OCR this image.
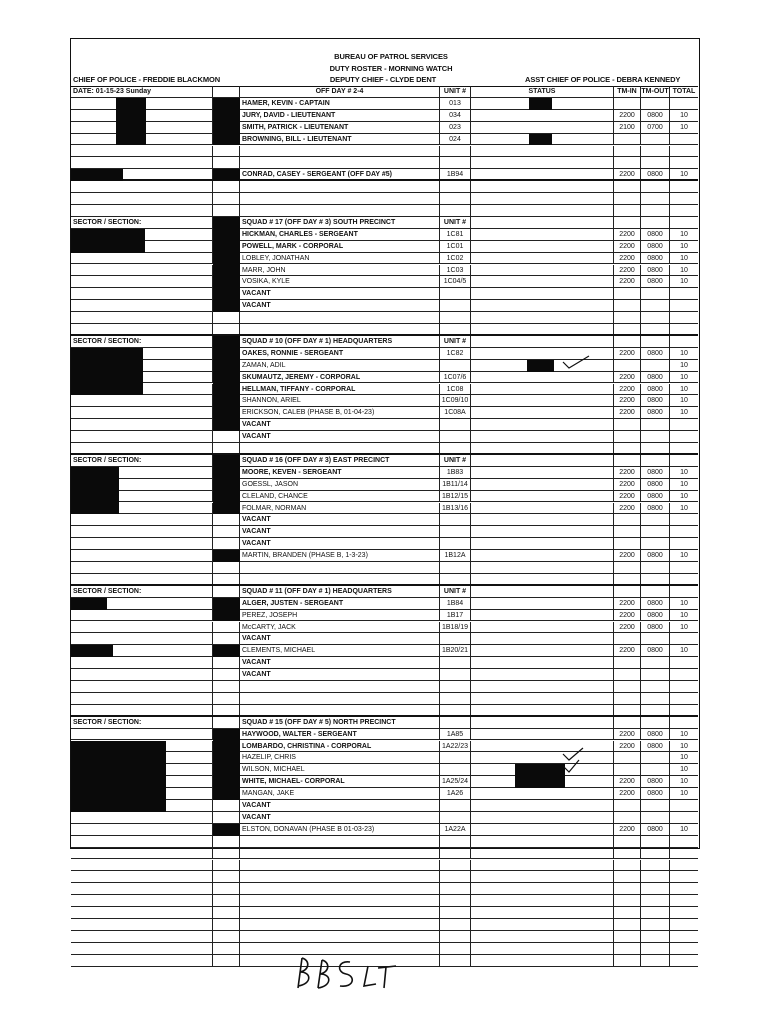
BUREAU OF PATROL SERVICES
DUTY ROSTER - MORNING WATCH
CHIEF OF POLICE - FREDDIE BLACKMON	DEPUTY CHIEF - CLYDE DENT	ASST CHIEF OF POLICE - DEBRA KENNEDY
DATE: 01-15-23 Sunday	OFF DAY # 2-4	UNIT #	STATUS	TM-IN TM-OUT TOTAL
HAMER, KEVIN - CAPTAIN	013
JURY, DAVID - LIEUTENANT	034	2200	0800	10
SMITH, PATRICK - LIEUTENANT	023	2100	0700	10
BROWNING, BILL - LIEUTENANT	024
CONRAD, CASEY - SERGEANT (OFF DAY #5)	1B94	2200	0800	10
SECTOR / SECTION:	SQUAD # 17 (OFF DAY # 3) SOUTH PRECINCT	UNIT #
HICKMAN, CHARLES - SERGEANT	1C81	2200	0800	10
POWELL, MARK - CORPORAL	1C01	2200	0800	10
LOBLEY, JONATHAN	1C02	2200	0800	10
MARR, JOHN	1C03	2200	0800	10
VOSIKA, KYLE	1C04/5	2200	0800	10
VACANT
VACANT
SECTOR / SECTION:	SQUAD # 10 (OFF DAY # 1) HEADQUARTERS	UNIT #
OAKES, RONNIE - SERGEANT	1C82	2200	0800	10
ZAMAN, ADIL	10
SKUMAUTZ, JEREMY - CORPORAL	1C07/6	2200	0800	10
HELLMAN, TIFFANY - CORPORAL	1C08	2200	0800	10
SHANNON, ARIEL	1C09/10	2200	0800	10
ERICKSON, CALEB (PHASE B, 01-04-23)	1C08A	2200	0800	10
VACANT
VACANT
SECTOR / SECTION:	SQUAD # 16 (OFF DAY # 3) EAST PRECINCT	UNIT #
MOORE, KEVEN - SERGEANT	1B83	2200	0800	10
GOESSL, JASON	1B11/14	2200	0800	10
CLELAND, CHANCE	1B12/15	2200	0800	10
FOLMAR, NORMAN	1B13/16	2200	0800	10
VACANT
VACANT
VACANT
MARTIN, BRANDEN (PHASE B, 1-3-23)	1B12A	2200	0800	10
SECTOR / SECTION:	SQUAD # 11 (OFF DAY # 1) HEADQUARTERS	UNIT #
ALGER, JUSTEN - SERGEANT	1B84	2200	0800	10
PEREZ, JOSEPH	1B17	2200	0800	10
McCARTY, JACK	1B18/19	2200	0800	10
VACANT
CLEMENTS, MICHAEL	1B20/21	2200	0800	10
VACANT
VACANT
SECTOR / SECTION:	SQUAD # 15 (OFF DAY # 5) NORTH PRECINCT
HAYWOOD, WALTER - SERGEANT	1A85	2200	0800	10
LOMBARDO, CHRISTINA - CORPORAL	1A22/23	2200	0800	10
HAZELIP, CHRIS	10
WILSON, MICHAEL	10
WHITE, MICHAEL- CORPORAL	1A25/24	2200	0800	10
MANGAN, JAKE	1A26	2200	0800	10
VACANT
VACANT
ELSTON, DONAVAN (PHASE B 01-03-23)	1A22A	2200	0800	10
